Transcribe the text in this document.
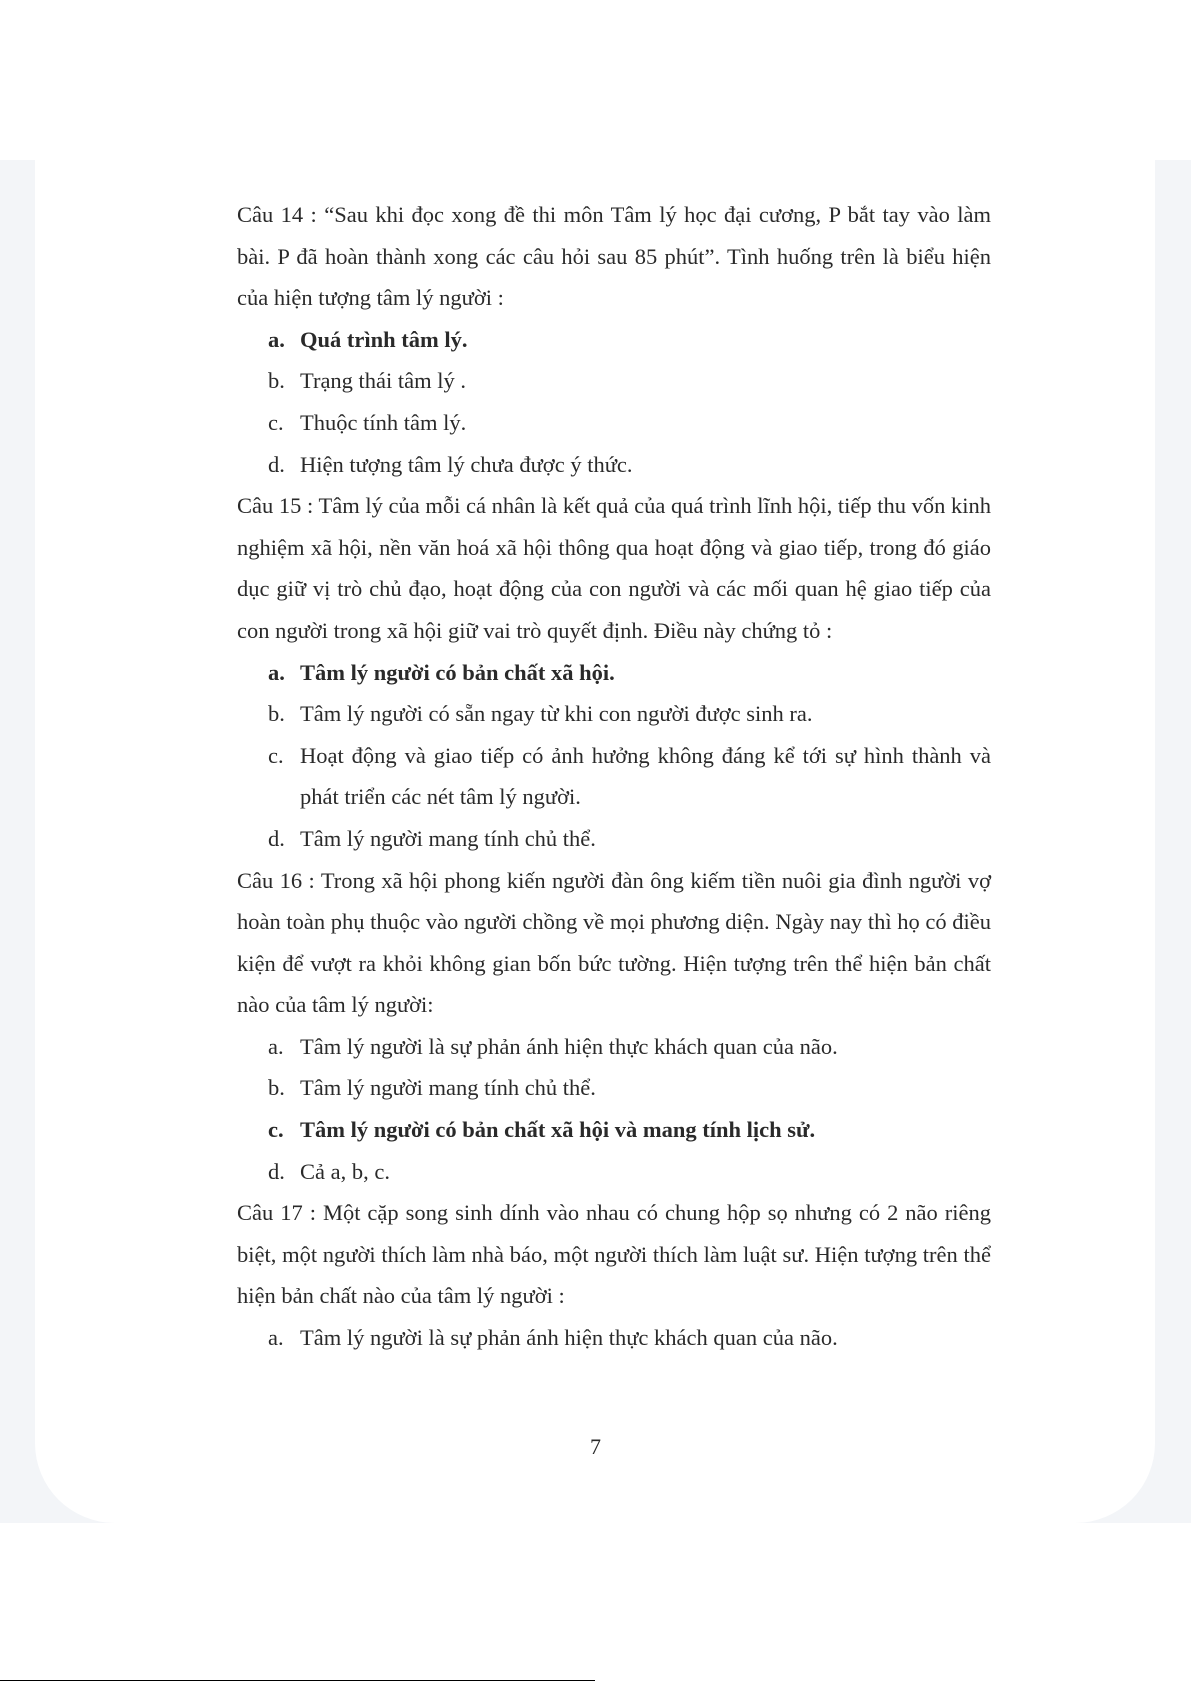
Câu 14 : “Sau khi đọc xong đề thi môn Tâm lý học đại cương, P bắt tay vào làm bài. P đã hoàn thành xong các câu hỏi sau 85 phút”. Tình huống trên là biểu hiện của hiện tượng tâm lý người :

a. Quá trình tâm lý.
b. Trạng thái tâm lý .
c. Thuộc tính tâm lý.
d. Hiện tượng tâm lý chưa được ý thức.

Câu 15 : Tâm lý của mỗi cá nhân là kết quả của quá trình lĩnh hội, tiếp thu vốn kinh nghiệm xã hội, nền văn hoá xã hội thông qua hoạt động và giao tiếp, trong đó giáo dục giữ vị trò chủ đạo, hoạt động của con người và các mối quan hệ giao tiếp của con người trong xã hội giữ vai trò quyết định. Điều này chứng tỏ :

a. Tâm lý người có bản chất xã hội.
b. Tâm lý người có sẵn ngay từ khi con người được sinh ra.
c. Hoạt động và giao tiếp có ảnh hưởng không đáng kể tới sự hình thành và phát triển các nét tâm lý người.
d. Tâm lý người mang tính chủ thể.

Câu 16 : Trong xã hội phong kiến người đàn ông kiếm tiền nuôi gia đình người vợ hoàn toàn phụ thuộc vào người chồng về mọi phương diện. Ngày nay thì họ có điều kiện để vượt ra khỏi không gian bốn bức tường. Hiện tượng trên thể hiện bản chất nào của tâm lý người:

a. Tâm lý người là sự phản ánh hiện thực khách quan của não.
b. Tâm lý người mang tính chủ thể.
c. Tâm lý người có bản chất xã hội và mang tính lịch sử.
d. Cả a, b, c.

Câu 17 : Một cặp song sinh dính vào nhau có chung hộp sọ nhưng có 2 não riêng biệt, một người thích làm nhà báo, một người thích làm luật sư. Hiện tượng trên thể hiện bản chất nào của tâm lý người :

a. Tâm lý người là sự phản ánh hiện thực khách quan của não.
7
